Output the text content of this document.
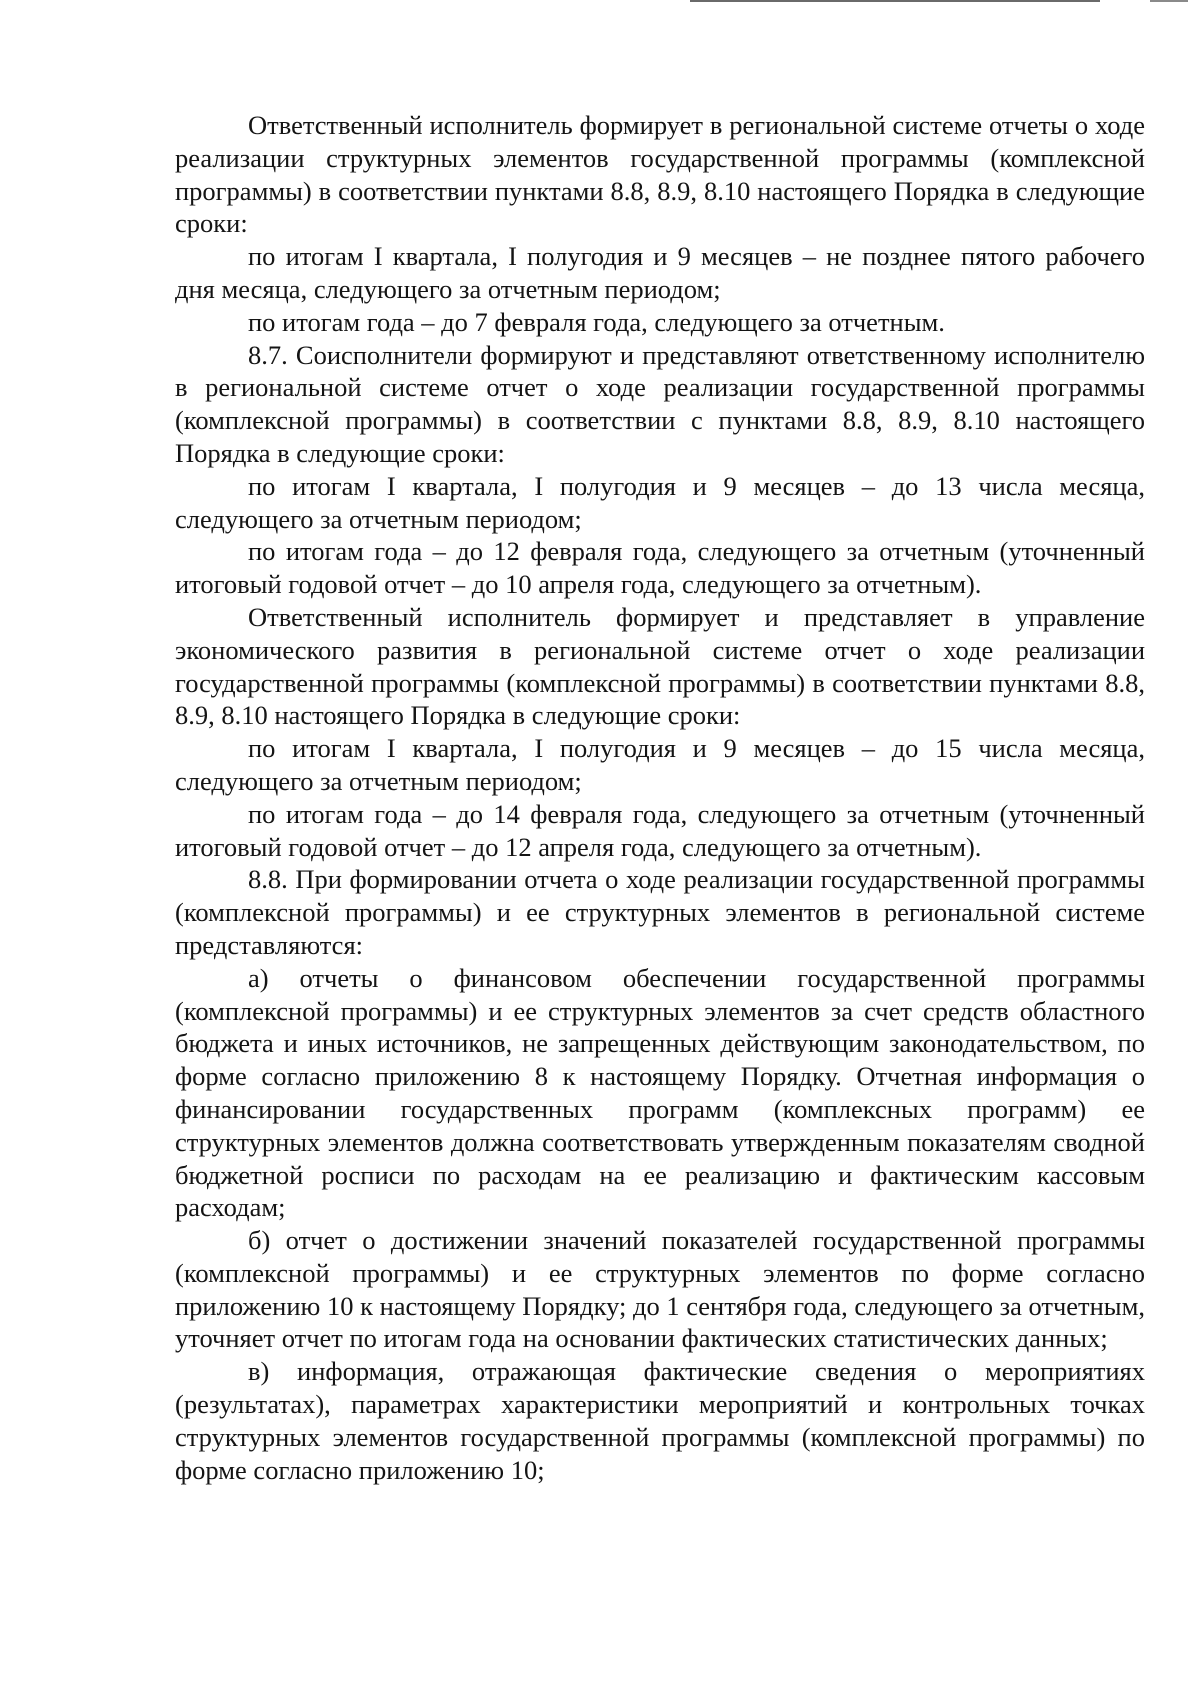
Ответственный исполнитель формирует в региональной системе отчеты о ходе реализации структурных элементов государственной программы (комплексной программы) в соответствии пунктами 8.8, 8.9, 8.10 настоящего Порядка в следующие сроки:

по итогам I квартала, I полугодия и 9 месяцев – не позднее пятого рабочего дня месяца, следующего за отчетным периодом;

по итогам года – до 7 февраля года, следующего за отчетным.

8.7. Соисполнители формируют и представляют ответственному исполнителю в региональной системе отчет о ходе реализации государственной программы (комплексной программы) в соответствии с пунктами 8.8, 8.9, 8.10 настоящего Порядка в следующие сроки:

по итогам I квартала, I полугодия и 9 месяцев – до 13 числа месяца, следующего за отчетным периодом;

по итогам года – до 12 февраля года, следующего за отчетным (уточненный итоговый годовой отчет – до 10 апреля года, следующего за отчетным).

Ответственный исполнитель формирует и представляет в управление экономического развития в региональной системе отчет о ходе реализации государственной программы (комплексной программы) в соответствии пунктами 8.8, 8.9, 8.10 настоящего Порядка в следующие сроки:

по итогам I квартала, I полугодия и 9 месяцев – до 15 числа месяца, следующего за отчетным периодом;

по итогам года – до 14 февраля года, следующего за отчетным (уточненный итоговый годовой отчет – до 12 апреля года, следующего за отчетным).

8.8. При формировании отчета о ходе реализации государственной программы (комплексной программы) и ее структурных элементов в региональной системе представляются:

а) отчеты о финансовом обеспечении государственной программы (комплексной программы) и ее структурных элементов за счет средств областного бюджета и иных источников, не запрещенных действующим законодательством, по форме согласно приложению 8 к настоящему Порядку. Отчетная информация о финансировании государственных программ (комплексных программ) ее структурных элементов должна соответствовать утвержденным показателям сводной бюджетной росписи по расходам на ее реализацию и фактическим кассовым расходам;

б) отчет о достижении значений показателей государственной программы (комплексной программы) и ее структурных элементов по форме согласно приложению 10 к настоящему Порядку; до 1 сентября года, следующего за отчетным, уточняет отчет по итогам года на основании фактических статистических данных;

в) информация, отражающая фактические сведения о мероприятиях (результатах), параметрах характеристики мероприятий и контрольных точках структурных элементов государственной программы (комплексной программы) по форме согласно приложению 10;
